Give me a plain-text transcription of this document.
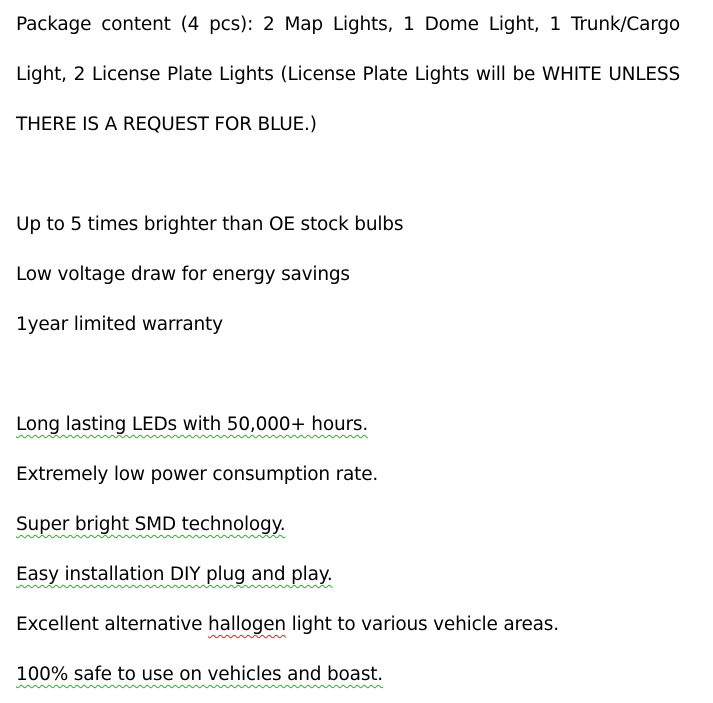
Package content (4 pcs): 2 Map Lights, 1 Dome Light, 1 Trunk/Cargo
Light, 2 License Plate Lights (License Plate Lights will be WHITE UNLESS
THERE IS A REQUEST FOR BLUE.)
Up to 5 times brighter than OE stock bulbs
Low voltage draw for energy savings
1year limited warranty
Long lasting LEDs with 50,000+ hours.
Extremely low power consumption rate.
Super bright SMD technology.
Easy installation DIY plug and play.
Excellent alternative hallogen light to various vehicle areas.
100% safe to use on vehicles and boast.
